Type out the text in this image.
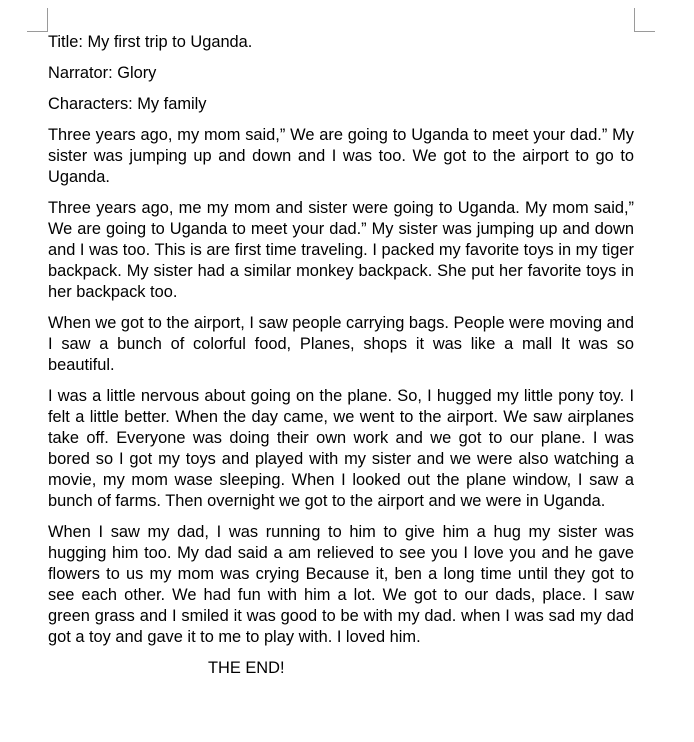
Title: My first trip to Uganda.

Narrator: Glory

Characters: My family

Three years ago, my mom said,” We are going to Uganda to meet your dad.” My sister was jumping up and down and I was too. We got to the airport to go to Uganda.

Three years ago, me my mom and sister were going to Uganda. My mom said,” We are going to Uganda to meet your dad.” My sister was jumping up and down and I was too. This is are first time traveling. I packed my favorite toys in my tiger backpack. My sister had a similar monkey backpack. She put her favorite toys in her backpack too.

When we got to the airport, I saw people carrying bags. People were moving and I saw a bunch of colorful food, Planes, shops it was like a mall It was so beautiful.

I was a little nervous about going on the plane. So, I hugged my little pony toy. I felt a little better. When the day came, we went to the airport. We saw airplanes take off. Everyone was doing their own work and we got to our plane. I was bored so I got my toys and played with my sister and we were also watching a movie, my mom wase sleeping. When I looked out the plane window, I saw a bunch of farms. Then overnight we got to the airport and we were in Uganda.

When I saw my dad, I was running to him to give him a hug my sister was hugging him too. My dad said a am relieved to see you I love you and he gave flowers to us my mom was crying Because it, ben a long time until they got to see each other. We had fun with him a lot. We got to our dads, place. I saw green grass and I smiled it was good to be with my dad. when I was sad my dad got a toy and gave it to me to play with. I loved him.

THE END!
